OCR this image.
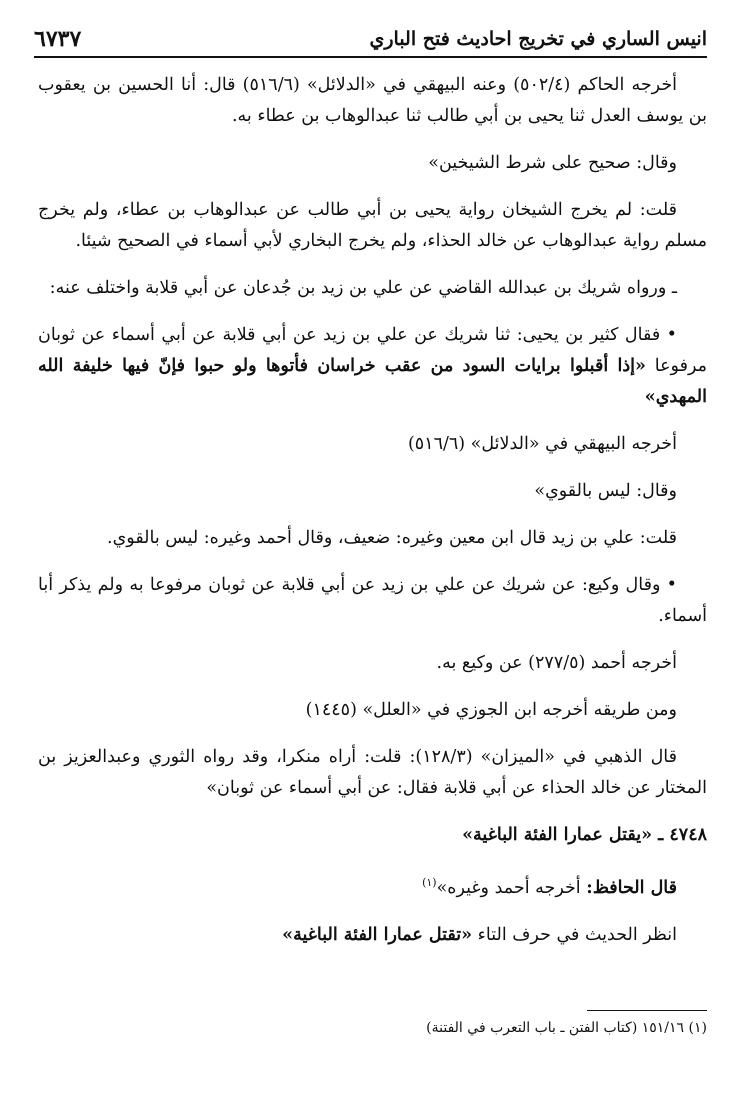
انيس الساري في تخريج احاديث فتح الباري
٦٧٣٧

أخرجه الحاكم (٥٠٢/٤) وعنه البيهقي في «الدلائل» (٥١٦/٦) قال: أنا الحسين بن يعقوب بن يوسف العدل ثنا يحيى بن أبي طالب ثنا عبدالوهاب بن عطاء به.

وقال: صحيح على شرط الشيخين»

قلت: لم يخرج الشيخان رواية يحيى بن أبي طالب عن عبدالوهاب بن عطاء، ولم يخرج مسلم رواية عبدالوهاب عن خالد الحذاء، ولم يخرج البخاري لأبي أسماء في الصحيح شيئا.

ـ ورواه شريك بن عبدالله القاضي عن علي بن زيد بن جُدعان عن أبي قلابة واختلف عنه:

• فقال كثير بن يحيى: ثنا شريك عن علي بن زيد عن أبي قلابة عن أبي أسماء عن ثوبان مرفوعا «إذا أقبلوا برايات السود من عقب خراسان فأتوها ولو حبوا فإنّ فيها خليفة الله المهدي»

أخرجه البيهقي في «الدلائل» (٥١٦/٦)

وقال: ليس بالقوي»

قلت: علي بن زيد قال ابن معين وغيره: ضعيف، وقال أحمد وغيره: ليس بالقوي.

• وقال وكيع: عن شريك عن علي بن زيد عن أبي قلابة عن ثوبان مرفوعا به ولم يذكر أبا أسماء.

أخرجه أحمد (٢٧٧/٥) عن وكيع به.

ومن طريقه أخرجه ابن الجوزي في «العلل» (١٤٤٥)

قال الذهبي في «الميزان» (١٢٨/٣): قلت: أراه منكرا، وقد رواه الثوري وعبدالعزيز بن المختار عن خالد الحذاء عن أبي قلابة فقال: عن أبي أسماء عن ثوبان»

٤٧٤٨ ـ «يقتل عمارا الفئة الباغية»

قال الحافظ: أخرجه أحمد وغيره»$^{(١)}$

انظر الحديث في حرف التاء «تقتل عمارا الفئة الباغية»

(١) ١٥١/١٦ (كتاب الفتن ـ باب التعرب في الفتنة)
